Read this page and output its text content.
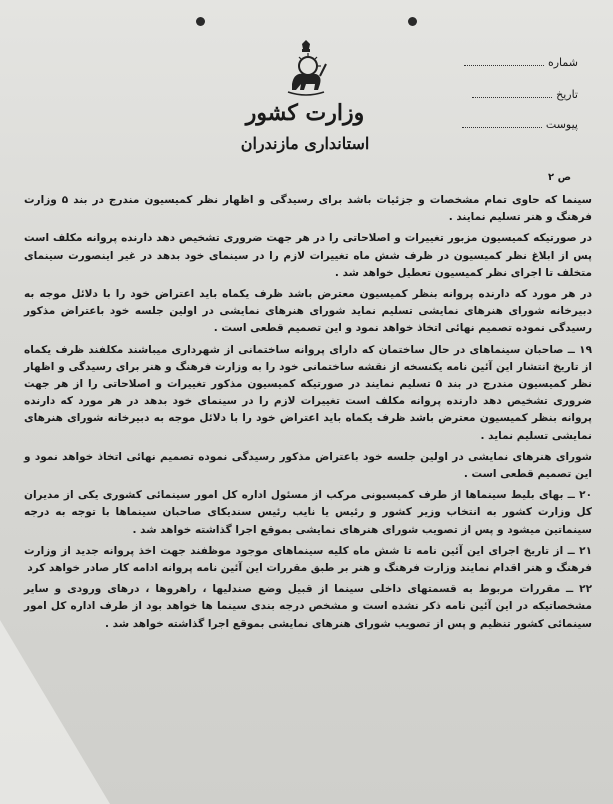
وزارت کشور
استانداری مازندران
شماره
تاریخ
پیوست
ص ۲

سینما که حاوی تمام مشخصات و جزئیات باشد برای رسیدگی و اظهار نظر کمیسیون مندرج در بند ۵ وزارت فرهنگ و هنر تسلیم نمایند .

در صورتیکه کمیسیون مزبور تغییرات و اصلاحاتی را در هر جهت ضروری تشخیص دهد دارنده پروانه مکلف است پس از ابلاغ نظر کمیسیون در ظرف شش ماه تغییرات لازم را در سینمای خود بدهد در غیر اینصورت سینمای متخلف تا اجرای نظر کمیسیون تعطیل خواهد شد .

در هر مورد که دارنده پروانه بنظر کمیسیون معترض باشد ظرف یکماه باید اعتراض خود را با دلائل موجه به دبیرخانه شورای هنرهای نمایشی تسلیم نماید شورای هنرهای نمایشی در اولین جلسه خود باعتراض مذکور رسیدگی نموده تصمیم نهائی اتخاذ خواهد نمود و این تصمیم قطعی است .

۱۹ ــ صاحبان سینماهای در حال ساختمان که دارای پروانه ساختمانی از شهرداری میباشند مکلفند ظرف یکماه از تاریخ انتشار این آئین نامه یکنسخه از نقشه ساختمانی خود را به وزارت فرهنگ و هنر برای رسیدگی و اظهار نظر کمیسیون مندرج در بند ۵ تسلیم نمایند در صورتیکه کمیسیون مذکور تغییرات و اصلاحاتی را از هر جهت ضروری تشخیص دهد دارنده پروانه مکلف است تغییرات لازم را در سینمای خود بدهد در هر مورد که دارنده پروانه بنظر کمیسیون معترض باشد ظرف یکماه باید اعتراض خود را با دلائل موجه به دبیرخانه شورای هنرهای نمایشی تسلیم نماید .

شورای هنرهای نمایشی در اولین جلسه خود باعتراض مذکور رسیدگی نموده تصمیم نهائی اتخاذ خواهد نمود و این تصمیم قطعی است .

۲۰ ــ بهای بلیط سینماها از طرف کمیسیونی مرکب از مسئول اداره کل امور سینمائی کشوری یکی از مدیران کل وزارت کشور به انتخاب وزیر کشور و رئیس یا نایب رئیس سندیکای صاحبان سینماها با توجه به درجه سینماتین میشود و پس از تصویب شورای هنرهای نمایشی بموقع اجرا گذاشته خواهد شد .

۲۱ ــ از تاریخ اجرای این آئین نامه تا شش ماه کلیه سینماهای موجود موظفند جهت اخذ پروانه جدید از وزارت فرهنگ و هنر اقدام نمایند وزارت فرهنگ و هنر بر طبق مقررات این آئین نامه پروانه ادامه کار صادر خواهد کرد

۲۲ ــ مقررات مربوط به قسمتهای داخلی سینما از قبیل وضع صندلیها ، راهروها ، درهای ورودی و سایر مشخصاتیکه در این آئین نامه ذکر نشده است و مشخص درجه بندی سینما ها خواهد بود از طرف اداره کل امور سینمائی کشور تنظیم و پس از تصویب شورای هنرهای نمایشی بموقع اجرا گذاشته خواهد شد .
